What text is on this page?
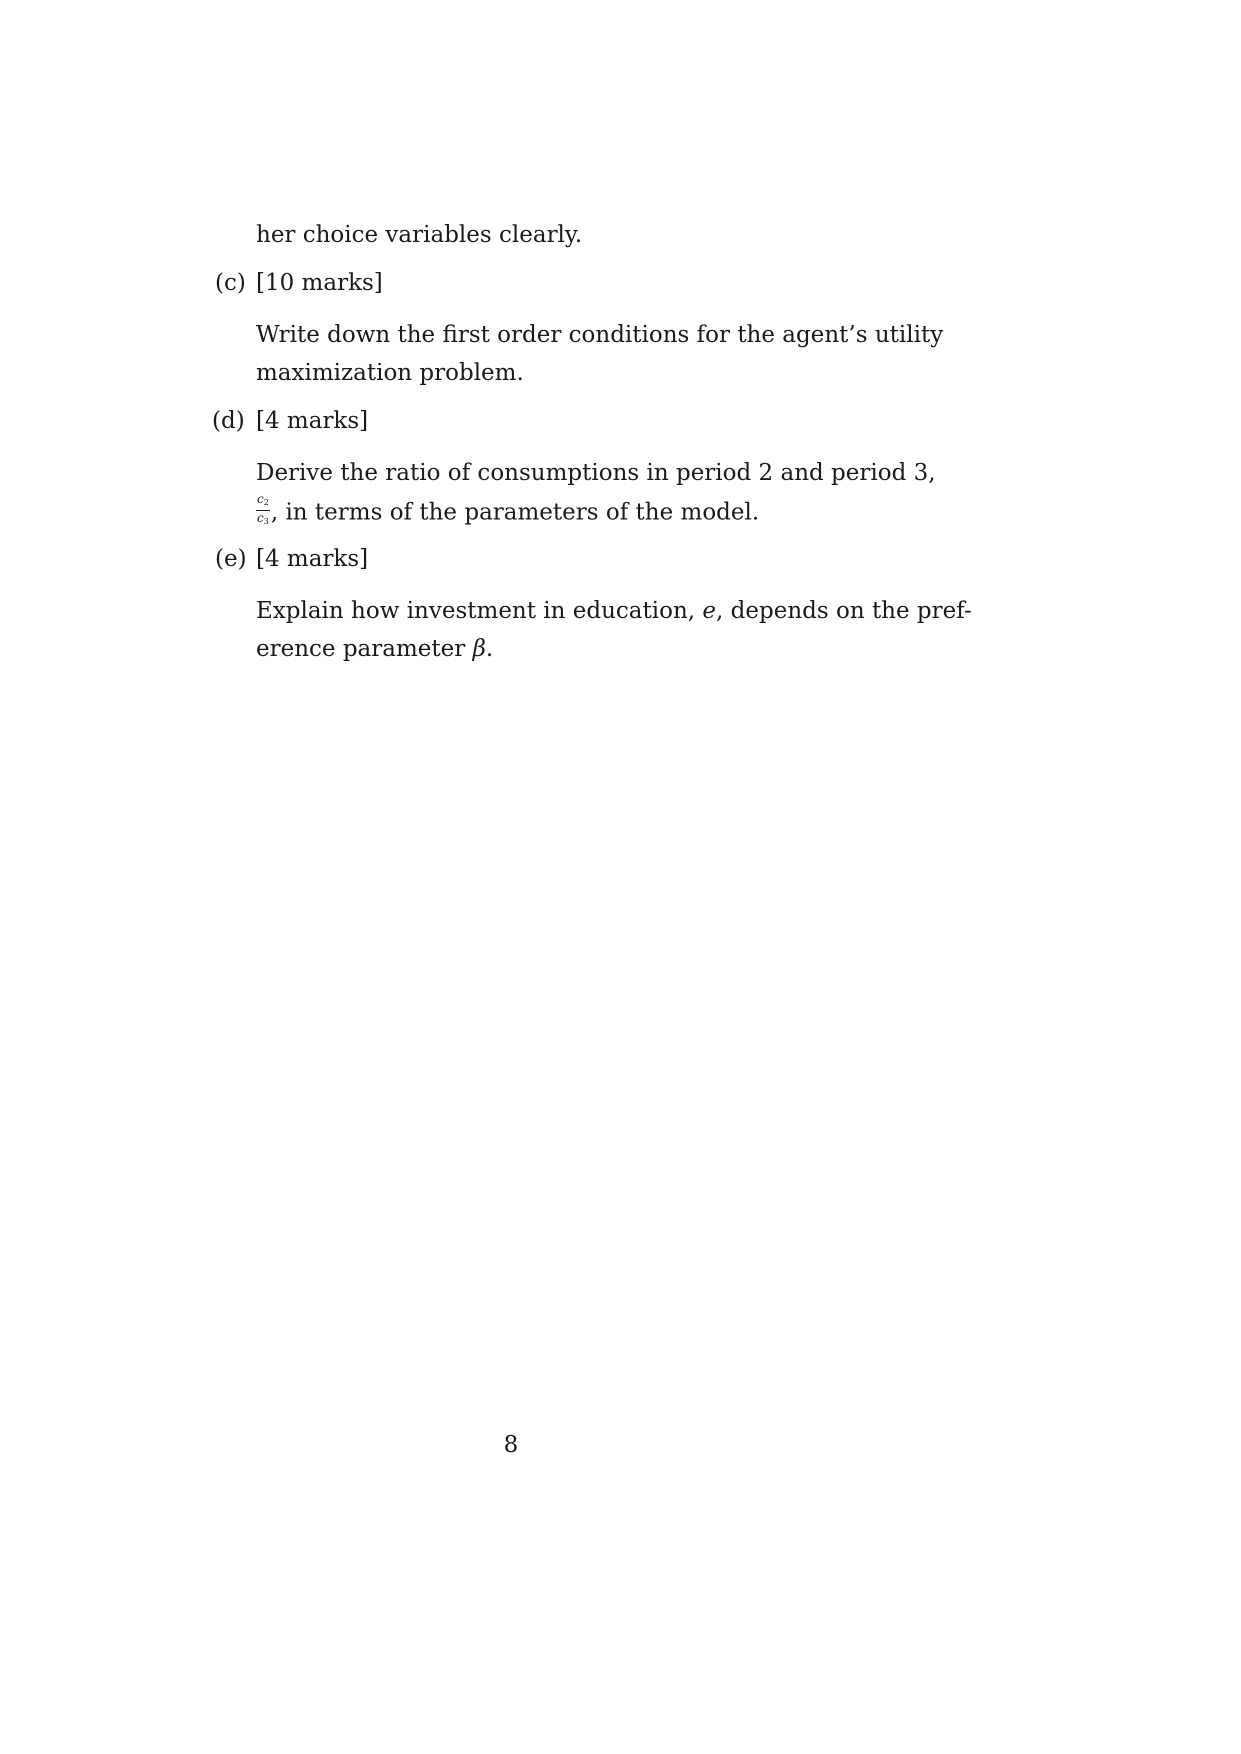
her choice variables clearly.
(c) [10 marks]
Write down the first order conditions for the agent’s utility
maximization problem.
(d) [4 marks]
Derive the ratio of consumptions in period 2 and period 3,
$\frac{c2}{c3}$ , in terms of the parameters of the model.
(e) [4 marks]
Explain how investment in education, e, depends on the pref-
erence parameter β.
8
